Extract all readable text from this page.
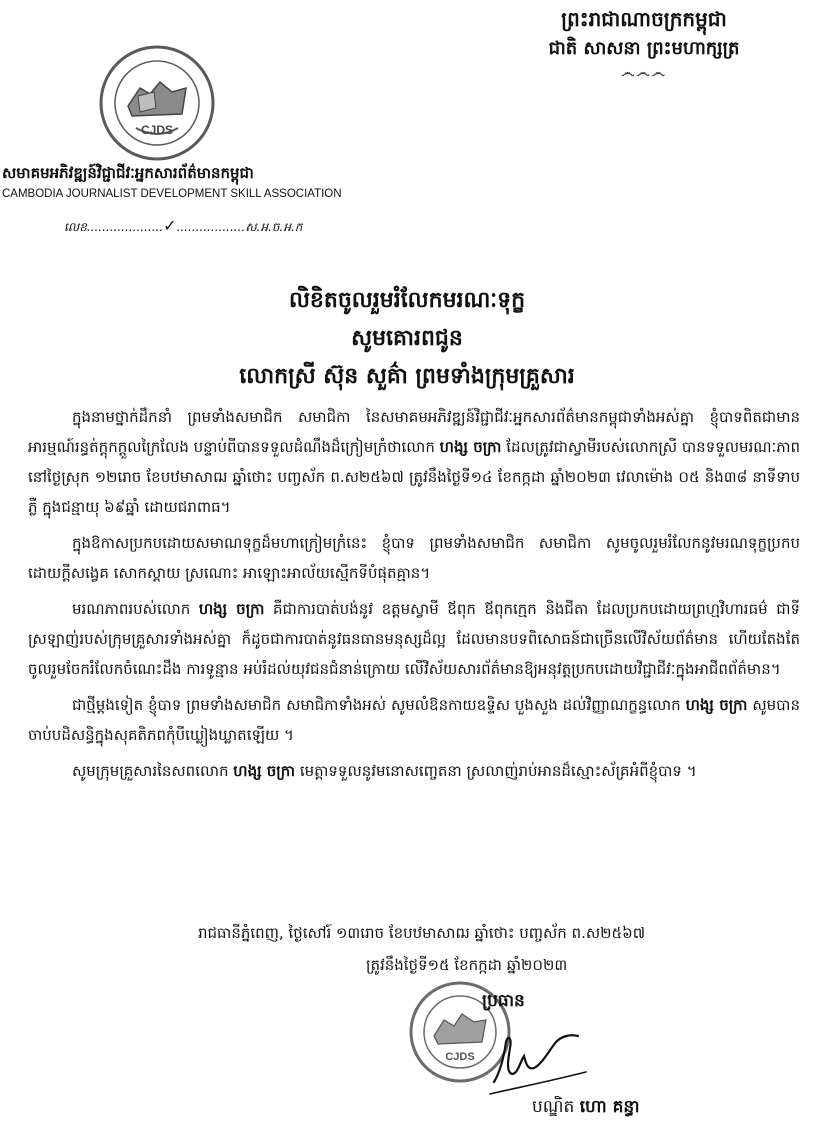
ព្រះរាជាណាចក្រកម្ពុជា
ជាតិ សាសនា ព្រះមហាក្សត្រ
෴෴෴
CJDS
សមាគមអភិវឌ្ឍន៍វិជ្ជាជីវៈអ្នកសារព័ត៌មានកម្ពុជា
CAMBODIA JOURNALIST DEVELOPMENT SKILL ASSOCIATION
លេខ....................✓..................ស.អ.ច.អ.ក
លិខិតចូលរួមរំលែកមរណៈទុក្ខ
សូមគោរពជូន
លោកស្រី ស៊ុន សួគ៌ា ព្រមទាំងក្រុមគ្រួសារ

ក្នុងនាមថ្នាក់ដឹកនាំ ព្រមទាំងសមាជិក សមាជិកា នៃសមាគមអភិវឌ្ឍន៍វិជ្ជាជីវៈអ្នកសារព័ត៌មានកម្ពុជាទាំងអស់គ្នា ខ្ញុំបាទពិតជាមានអារម្មណ៍រន្ធត់ក្តុកក្តួលក្រៃលែង បន្ទាប់ពីបានទទួលដំណឹងដ៏ក្រៀមក្រំថាលោក ហង្ស ចក្រា ដែលត្រូវជាស្វាមីរបស់លោកស្រី បានទទួលមរណៈភាព នៅថ្ងៃស្រុក ១២រោច ខែបឋមាសាឍ ឆ្នាំថោះ បញ្ចស័ក ព.ស២៥៦៧ ត្រូវនឹងថ្ងៃទី១៤ ខែកក្កដា ឆ្នាំ២០២៣ វេលាម៉ោង ០៥ និង៣៨ នាទីទាបភ្លឺ ក្នុងជន្មាយុ ៦៩ឆ្នាំ ដោយជរាពាធ។

ក្នុងឱកាសប្រកបដោយសមាណទុក្ខដ៏មហាក្រៀមក្រំនេះ ខ្ញុំបាទ ព្រមទាំងសមាជិក សមាជិកា សូមចូលរួមរំលែកនូវមរណទុក្ខប្រកបដោយក្តីសង្វេគ សោកស្តាយ ស្រណោះ អាឡោះអាល័យស្មើកទីបំផុតគ្មាន។

មរណភាពរបស់លោក ហង្ស ចក្រា គឺជាការបាត់បង់នូវ ឧត្តមស្វាមី ឪពុក ឪពុកក្មេក និងជីតា ដែលប្រកបដោយព្រហ្មវិហារធម៌ ជាទីស្រឡាញ់របស់ក្រុមគ្រួសារទាំងអស់គ្នា ក៏ដូចជាការបាត់នូវធនធានមនុស្សដ៏ល្អ ដែលមានបទពិសោធន៍ជាច្រើនលើវិស័យព័ត៌មាន ហើយតែងតែចូលរួមចែករំលែកចំណេះដឹង ការទូន្មាន អប់រំដល់យុវជនជំនាន់ក្រោយ លើវិស័យសារព័ត៌មានឱ្យអនុវត្តប្រកបដោយវិជ្ជាជីវៈក្នុងអាជីពព័ត៌មាន។

ជាថ្មីម្តងទៀត ខ្ញុំបាទ ព្រមទាំងសមាជិក សមាជិកាទាំងអស់ សូមលំឱនកាយឧទ្ទិស បួងសួង ដល់វិញ្ញាណក្ខន្ធលោក ហង្ស ចក្រា សូមបានចាប់បដិសន្ធិក្នុងសុគតិភពកុំបីឃ្លៀងឃ្លាតឡើយ ។

សូមក្រុមគ្រួសារនៃសពលោក ហង្ស ចក្រា មេត្តាទទួលនូវមនោសញ្ចេតនា ស្រលាញ់រាប់អានដ៏ស្មោះស័គ្រអំពីខ្ញុំបាទ ។

រាជធានីភ្នំពេញ, ថ្ងៃសៅរ៍ ១៣រោច ខែបឋមាសាឍ ឆ្នាំថោះ បញ្ចស័ក ព.ស២៥៦៧
ត្រូវនឹងថ្ងៃទី១៥ ខែកក្កដា ឆ្នាំ២០២៣
CJDS
ប្រធាន
បណ្ឌិត ហោ គន្ធា
